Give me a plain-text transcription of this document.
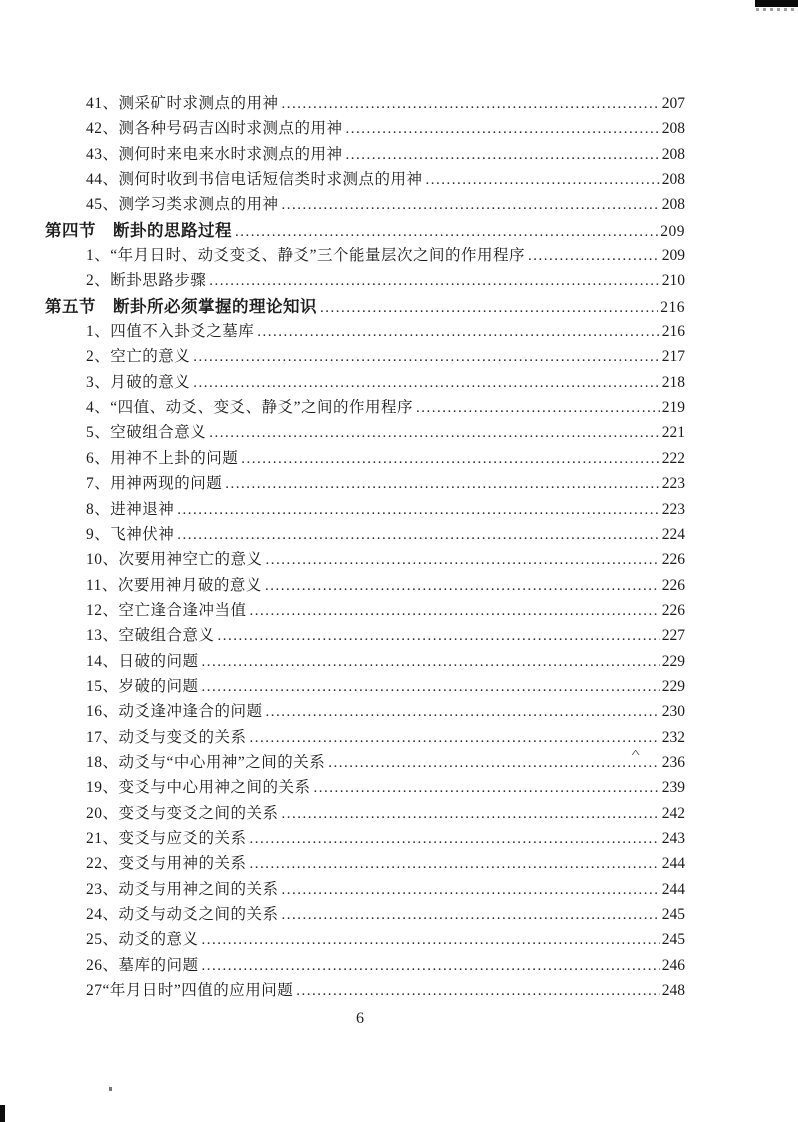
41、测采矿时求测点的用神 .....	207
42、测各种号码吉凶时求测点的用神 .....	208
43、测何时来电来水时求测点的用神 .....	208
44、测何时收到书信电话短信类时求测点的用神 .....	208
45、测学习类求测点的用神 .....	208
第四节　断卦的思路过程 .....	209
1、“年月日时、动爻变爻、静爻”三个能量层次之间的作用程序 .....	209
2、断卦思路步骤 .....	210
第五节　断卦所必须掌握的理论知识 .....	216
1、四值不入卦爻之墓库 .....	216
2、空亡的意义 .....	217
3、月破的意义 .....	218
4、“四值、动爻、变爻、静爻”之间的作用程序 .....	219
5、空破组合意义 .....	221
6、用神不上卦的问题 .....	222
7、用神两现的问题 .....	223
8、进神退神 .....	223
9、飞神伏神 .....	224
10、次要用神空亡的意义 .....	226
11、次要用神月破的意义 .....	226
12、空亡逢合逢冲当值 .....	226
13、空破组合意义 .....	227
14、日破的问题 .....	229
15、岁破的问题 .....	229
16、动爻逢冲逢合的问题 .....	230
17、动爻与变爻的关系 .....	232
18、动爻与“中心用神”之间的关系 .....	236
19、变爻与中心用神之间的关系 .....	239
20、变爻与变爻之间的关系 .....	242
21、变爻与应爻的关系 .....	243
22、变爻与用神的关系 .....	244
23、动爻与用神之间的关系 .....	244
24、动爻与动爻之间的关系 .....	245
25、动爻的意义 .....	245
26、墓库的问题 .....	246
27“年月日时”四值的应用问题 .....	248
6
^
